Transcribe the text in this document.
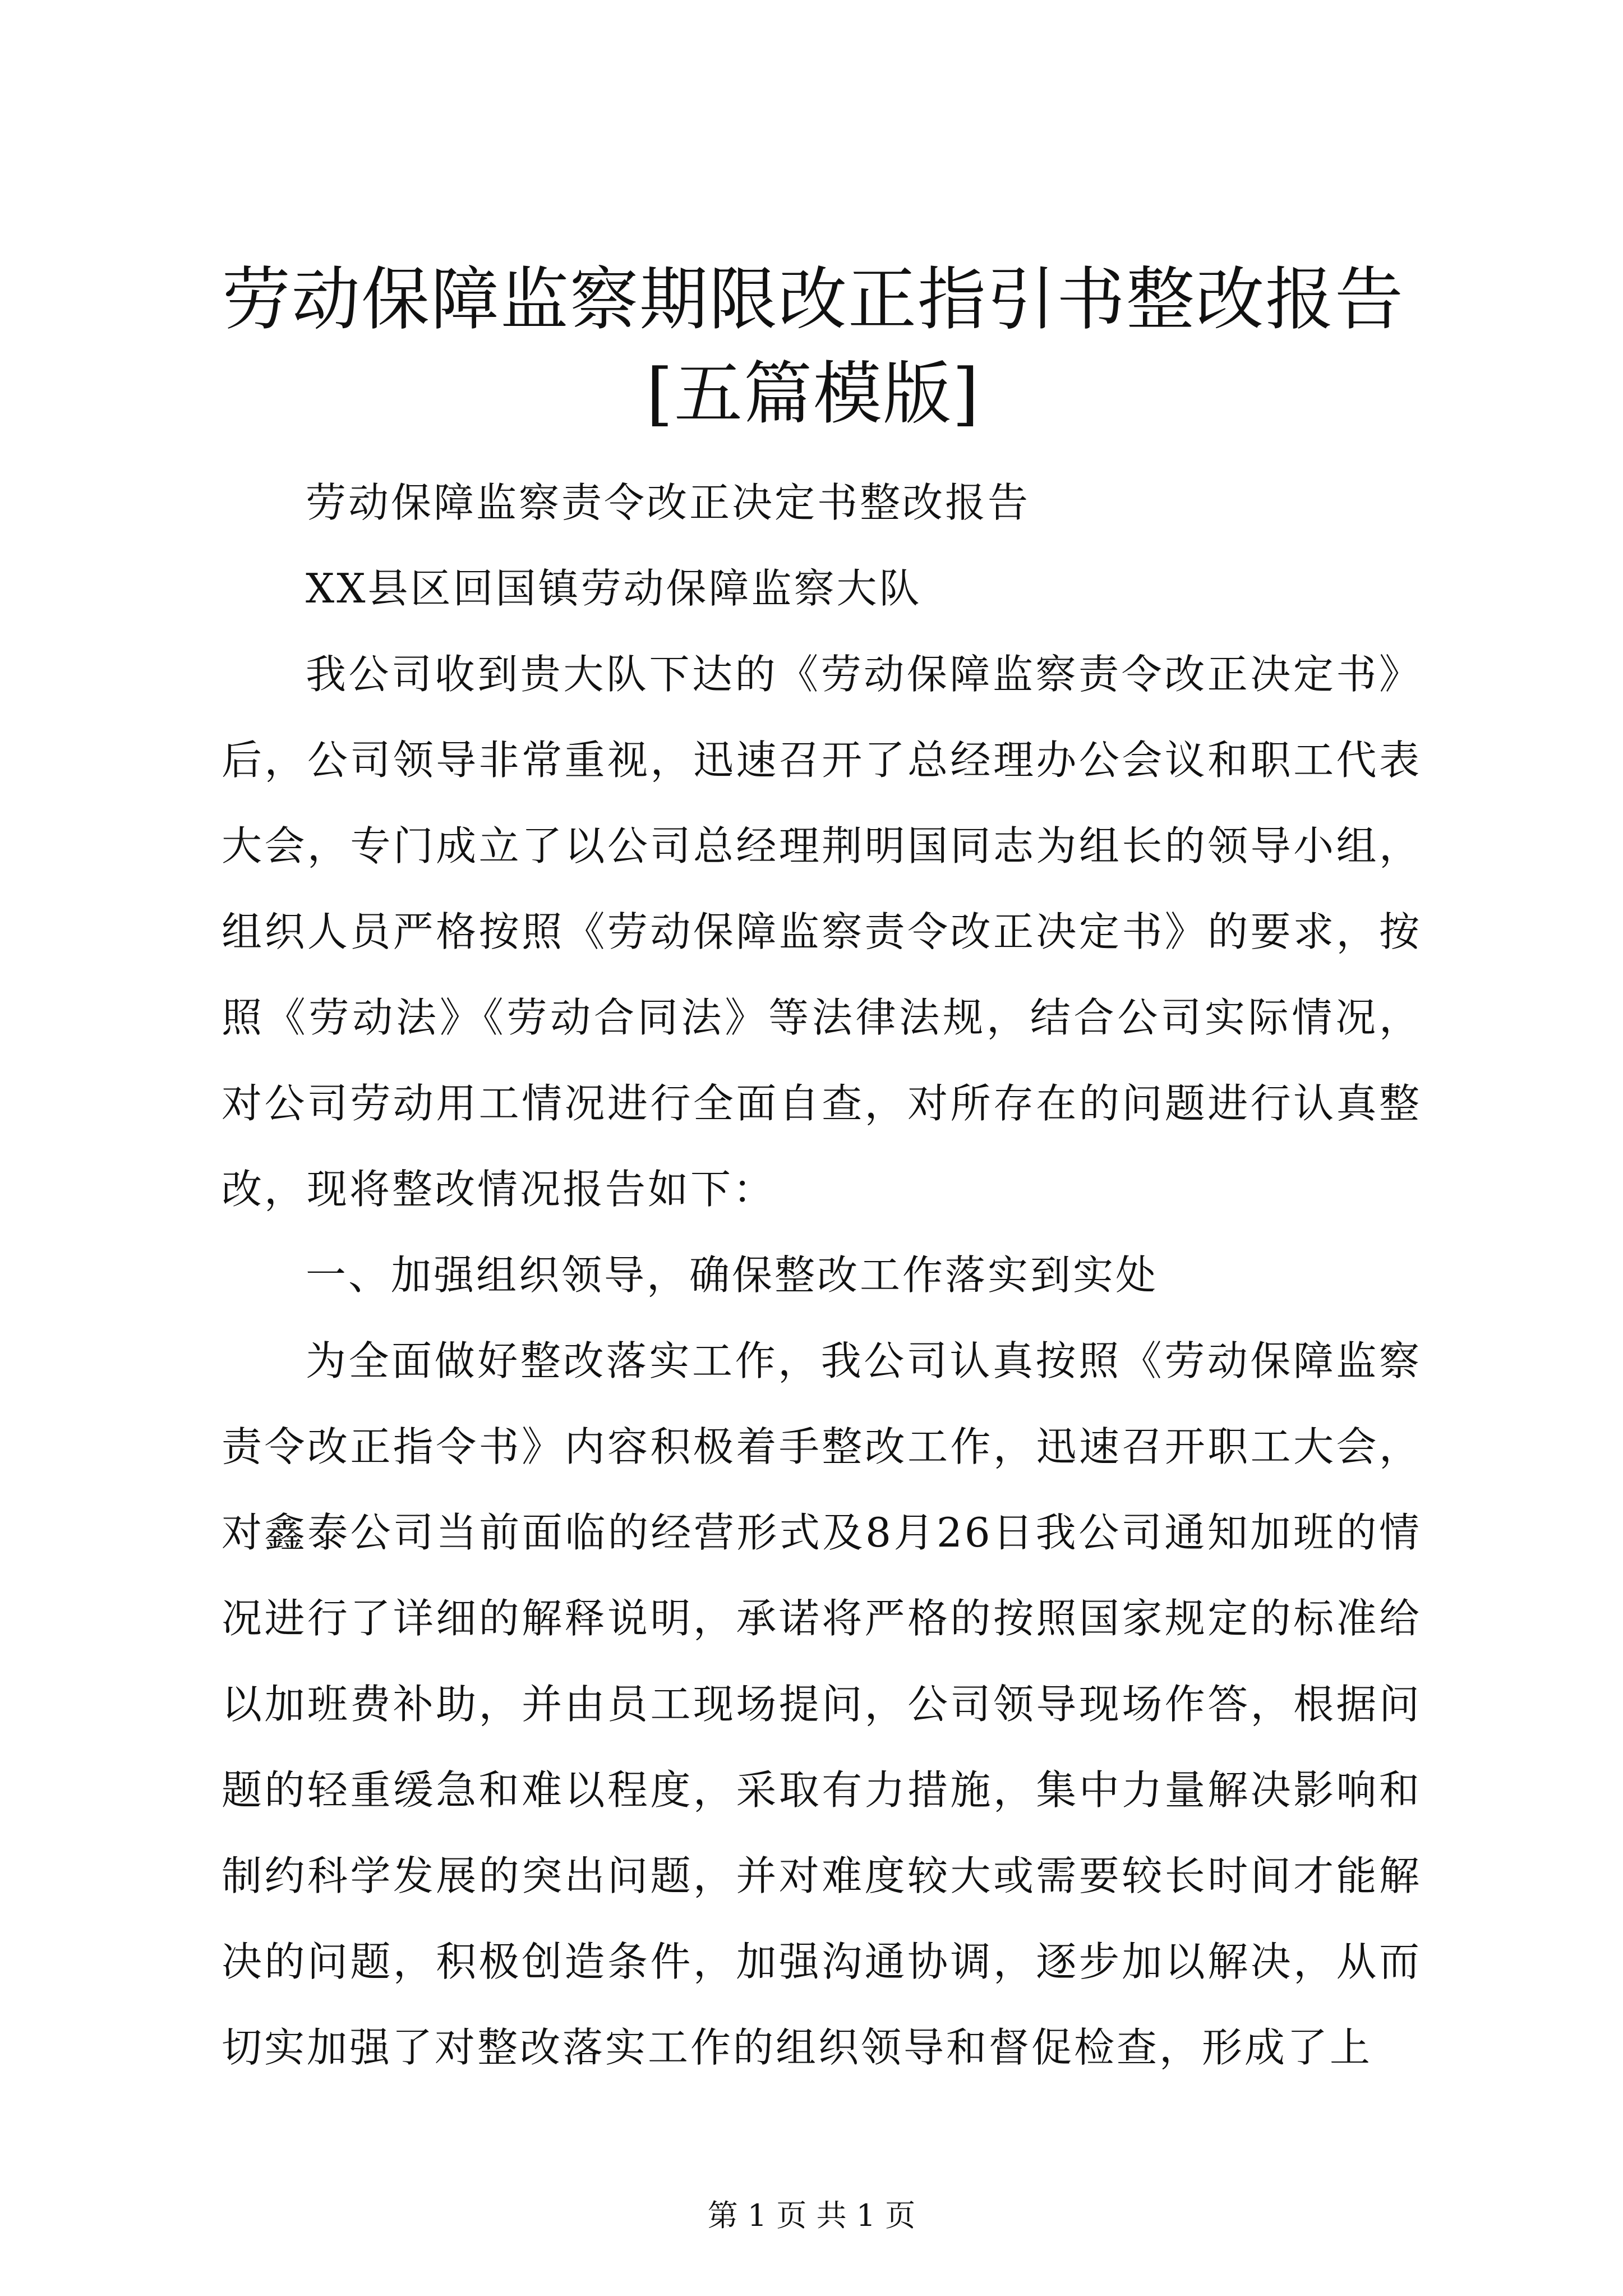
劳动保障监察期限改正指引书整改报告[五篇模版]

劳动保障监察责令改正决定书整改报告

XX县区回国镇劳动保障监察大队

我公司收到贵大队下达的《劳动保障监察责令改正决定书》后，公司领导非常重视，迅速召开了总经理办公会议和职工代表大会，专门成立了以公司总经理荆明国同志为组长的领导小组，组织人员严格按照《劳动保障监察责令改正决定书》的要求，按照《劳动法》《劳动合同法》等法律法规，结合公司实际情况，对公司劳动用工情况进行全面自查，对所存在的问题进行认真整改，现将整改情况报告如下：

一、加强组织领导，确保整改工作落实到实处

为全面做好整改落实工作，我公司认真按照《劳动保障监察责令改正指令书》内容积极着手整改工作，迅速召开职工大会，对鑫泰公司当前面临的经营形式及8月26日我公司通知加班的情况进行了详细的解释说明，承诺将严格的按照国家规定的标准给以加班费补助，并由员工现场提问，公司领导现场作答，根据问题的轻重缓急和难以程度，采取有力措施，集中力量解决影响和制约科学发展的突出问题，并对难度较大或需要较长时间才能解决的问题，积极创造条件，加强沟通协调，逐步加以解决，从而切实加强了对整改落实工作的组织领导和督促检查，形成了上

第 1 页 共 1 页
